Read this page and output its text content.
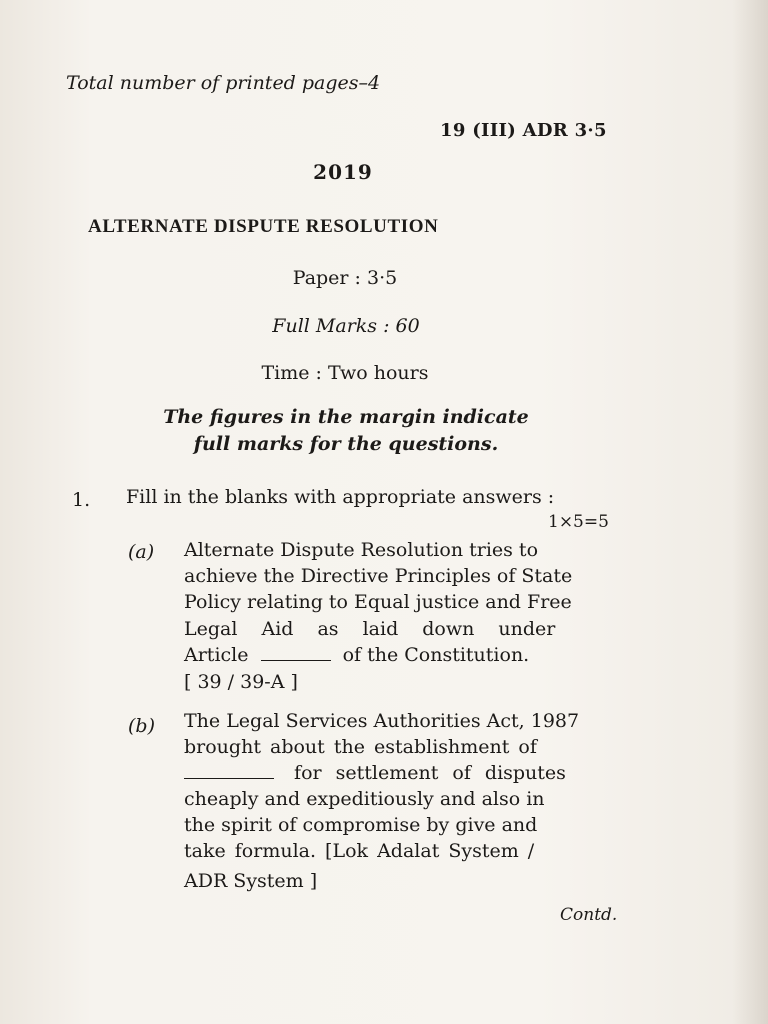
Total number of printed pages–4
19 (III) ADR 3·5
2019
ALTERNATE DISPUTE RESOLUTION
Paper : 3·5
Full Marks : 60
Time : Two hours
The figures in the margin indicate
full marks for the questions.
1. Fill in the blanks with appropriate answers :
1×5=5
(a) Alternate Dispute Resolution tries to
achieve the Directive Principles of State
Policy relating to Equal justice and Free
Legal Aid as laid down under
Article	of the Constitution.
[ 39 / 39-A ]
(b) The Legal Services Authorities Act, 1987
brought about the establishment of
for settlement of disputes
cheaply and expeditiously and also in
the spirit of compromise by give and
take formula. [Lok Adalat System /
ADR System ]
Contd.
